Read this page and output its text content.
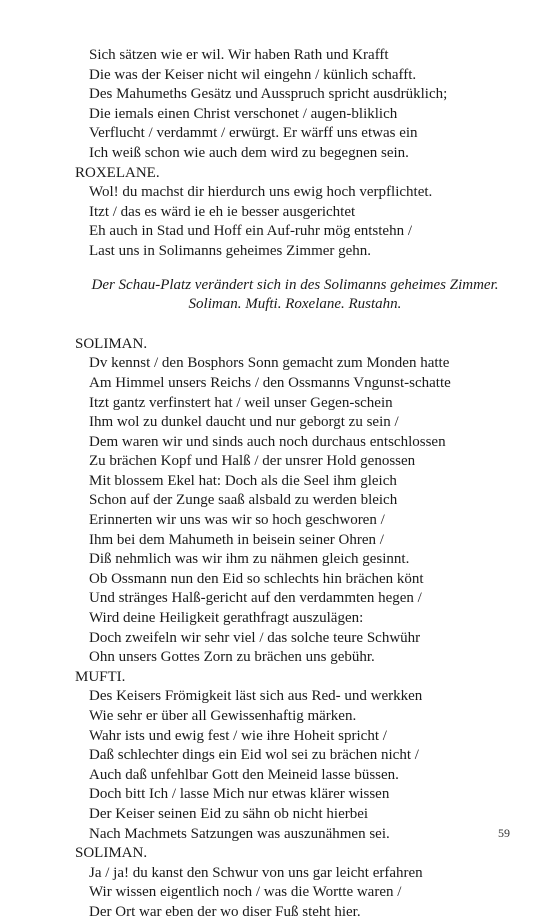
Sich sätzen wie er wil. Wir haben Rath und Krafft

Die was der Keiser nicht wil eingehn / künlich schafft.

Des Mahumeths Gesätz und Ausspruch spricht ausdrüklich;

Die iemals einen Christ verschonet / augen-bliklich

Verflucht / verdammt / erwürgt. Er wärff uns etwas ein

Ich weiß schon wie auch dem wird zu begegnen sein.

ROXELANE.

Wol! du machst dir hierdurch uns ewig hoch verpflichtet.

Itzt / das es wärd ie eh ie besser ausgerichtet

Eh auch in Stad und Hoff ein Auf-ruhr mög entstehn /

Last uns in Solimanns geheimes Zimmer gehn.

Der Schau-Platz verändert sich in des Solimanns geheimes Zimmer.

Soliman. Mufti. Roxelane. Rustahn.

SOLIMAN.

Dv kennst / den Bosphors Sonn gemacht zum Monden hatte

Am Himmel unsers Reichs / den Ossmanns Vngunst-schatte

Itzt gantz verfinstert hat / weil unser Gegen-schein

Ihm wol zu dunkel daucht und nur geborgt zu sein /

Dem waren wir und sinds auch noch durchaus entschlossen

Zu brächen Kopf und Halß / der unsrer Hold genossen

Mit blossem Ekel hat: Doch als die Seel ihm gleich

Schon auf der Zunge saaß alsbald zu werden bleich

Erinnerten wir uns was wir so hoch geschworen /

Ihm bei dem Mahumeth in beisein seiner Ohren /

Diß nehmlich was wir ihm zu nähmen gleich gesinnt.

Ob Ossmann nun den Eid so schlechts hin brächen könt

Und stränges Halß-gericht auf den verdammten hegen /

Wird deine Heiligkeit gerathfragt auszulägen:

Doch zweifeln wir sehr viel / das solche teure Schwühr

Ohn unsers Gottes Zorn zu brächen uns gebühr.

MUFTI.

Des Keisers Frömigkeit läst sich aus Red- und werkken

Wie sehr er über all Gewissenhaftig märken.

Wahr ists und ewig fest / wie ihre Hoheit spricht /

Daß schlechter dings ein Eid wol sei zu brächen nicht /

Auch daß unfehlbar Gott den Meineid lasse büssen.

Doch bitt Ich / lasse Mich nur etwas klärer wissen

Der Keiser seinen Eid zu sähn ob nicht hierbei

Nach Machmets Satzungen was auszunähmen sei.

SOLIMAN.

Ja / ja! du kanst den Schwur von uns gar leicht erfahren

Wir wissen eigentlich noch / was die Wortte waren /

Der Ort war eben der wo diser Fuß steht hier.

59
